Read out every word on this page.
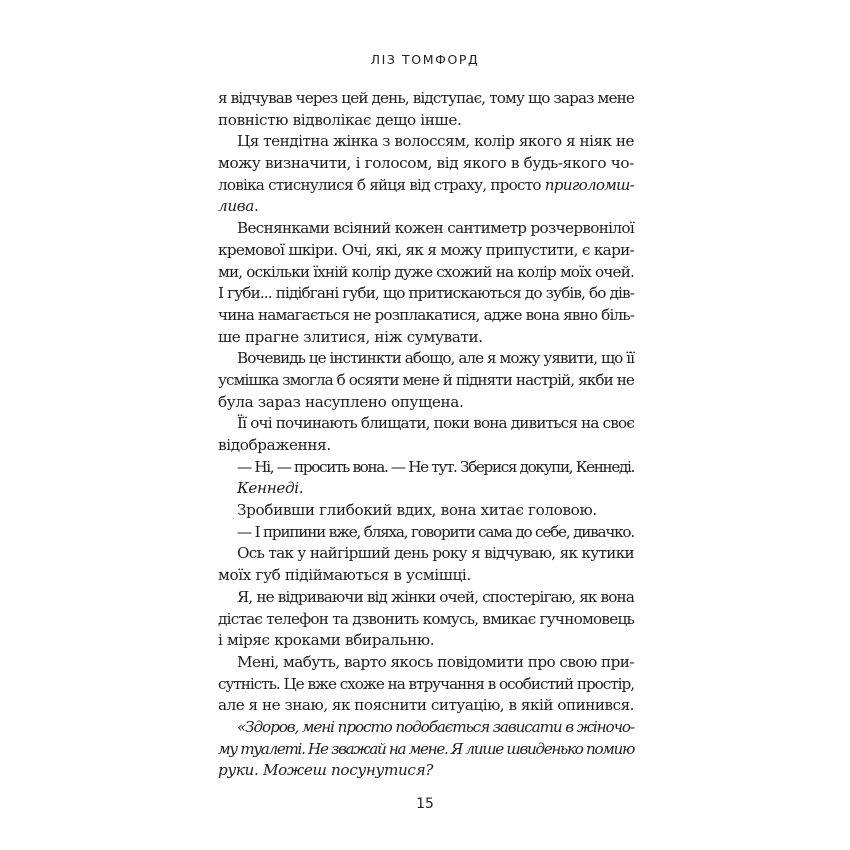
ЛІЗ ТОМФОРД
я відчував через цей день, відступає, тому що зараз мене
повністю відволікає дещо інше.
Ця тендітна жінка з волоссям, колір якого я ніяк не
можу визначити, і голосом, від якого в будь-якого чо-
ловіка стиснулися б яйця від страху, просто приголомш-
лива.
Веснянками всіяний кожен сантиметр розчервонілої
кремової шкіри. Очі, які, як я можу припустити, є кари-
ми, оскільки їхній колір дуже схожий на колір моїх очей.
І губи... підібгані губи, що притискаються до зубів, бо дів-
чина намагається не розплакатися, адже вона явно біль-
ше прагне злитися, ніж сумувати.
Вочевидь це інстинкти абощо, але я можу уявити, що її
усмішка змогла б осяяти мене й підняти настрій, якби не
була зараз насуплено опущена.
Її очі починають блищати, поки вона дивиться на своє
відображення.
— Ні, — просить вона. — Не тут. Зберися докупи, Кеннеді.
Кеннеді.
Зробивши глибокий вдих, вона хитає головою.
— І припини вже, бляха, говорити сама до себе, дивачко.
Ось так у найгірший день року я відчуваю, як кутики
моїх губ підіймаються в усмішці.
Я, не відриваючи від жінки очей, спостерігаю, як вона
дістає телефон та дзвонить комусь, вмикає гучномовець
і міряє кроками вбиральню.
Мені, мабуть, варто якось повідомити про свою при-
сутність. Це вже схоже на втручання в особистий простір,
але я не знаю, як пояснити ситуацію, в якій опинився.
«Здоров, мені просто подобається зависати в жіночо-
му туалеті. Не зважай на мене. Я лише швиденько помию
руки. Можеш посунутися?
15
